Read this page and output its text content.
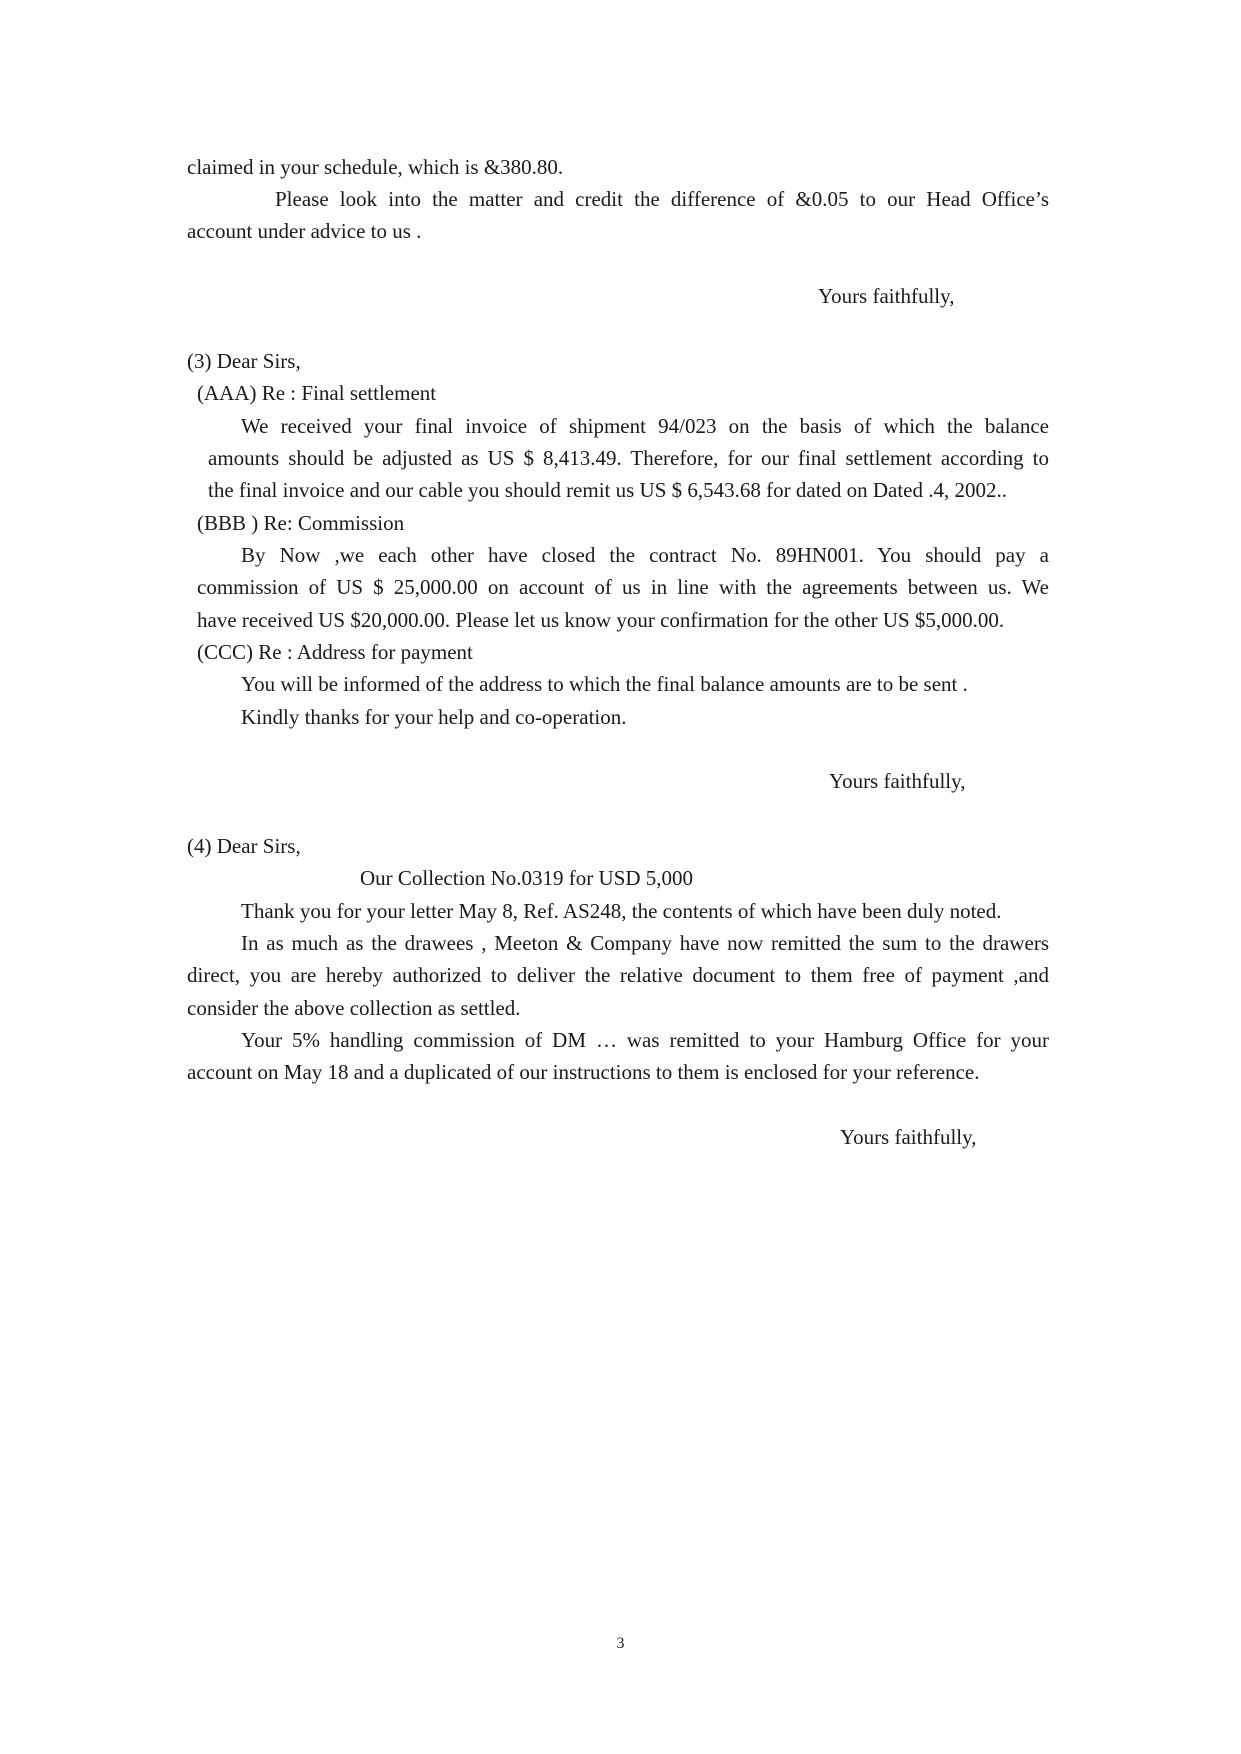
claimed in your schedule, which is &380.80.
Please look into the matter and credit the difference of &0.05 to our Head Office’s
account under advice to us .
Yours faithfully,
(3) Dear Sirs,
(AAA) Re : Final settlement
We received your final invoice of shipment 94/023 on the basis of which the balance
amounts should be adjusted as US $ 8,413.49. Therefore, for our final settlement according to
the final invoice and our cable you should remit us US $ 6,543.68 for dated on Dated .4, 2002..
(BBB ) Re: Commission
By Now ,we each other have closed the contract No. 89HN001. You should pay a
commission of US $ 25,000.00 on account of us in line with the agreements between us. We
have received US $20,000.00. Please let us know your confirmation for the other US $5,000.00.
(CCC) Re : Address for payment
You will be informed of the address to which the final balance amounts are to be sent .
Kindly thanks for your help and co-operation.
Yours faithfully,
(4) Dear Sirs,
Our Collection No.0319 for USD 5,000
Thank you for your letter May 8, Ref. AS248, the contents of which have been duly noted.
In as much as the drawees , Meeton & Company have now remitted the sum to the drawers
direct, you are hereby authorized to deliver the relative document to them free of payment ,and
consider the above collection as settled.
Your 5% handling commission of DM … was remitted to your Hamburg Office for your
account on May 18 and a duplicated of our instructions to them is enclosed for your reference.
Yours faithfully,
3
